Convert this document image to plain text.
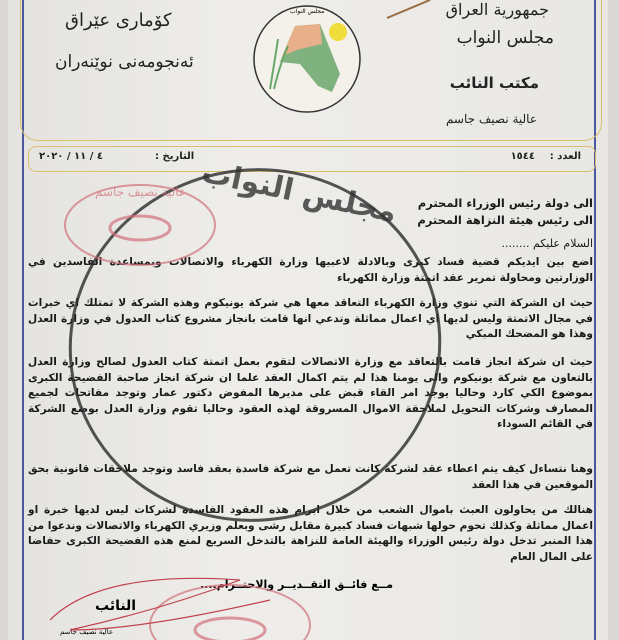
جمهورية العراق
مجلس النواب
مكتب النائب
عالية نصيف جاسم
کۆماری عێراق
ئەنجومەنی نوێنەران
مجلس النواب
العدد :
١٥٤٤
التاريخ :
٤ / ١١ / ٢٠٢٠

الى دولة رئيس الوزراء المحترم

الى رئيس هيئة النزاهة المحترم

السلام عليكم ........
اضع بين ايديكم قضية فساد كبرى وبالادلة لاعبيها وزارة الكهرباء والاتصالات وبمساعدة الفاسدين في الوزارتين ومحاولة تمرير عقد اتمتة وزارة الكهرباء
حيث ان الشركة التي تنوي وزارة الكهرباء التعاقد معها هي شركة يونيكوم وهذه الشركة لا تمتلك اي خبرات في مجال الاتمتة وليس لديها اي اعمال مماثلة وتدعي انها قامت بانجاز مشروع كتاب العدول في وزارة العدل وهذا هو المضحك المبكي
حيث ان شركة انجاز قامت بالتعاقد مع وزارة الاتصالات لتقوم بعمل اتمتة كتاب العدول لصالح وزارة العدل بالتعاون مع شركة يونيكوم والى يومنا هذا لم يتم اكمال العقد علما ان شركة انجاز صاحبة الفضيحة الكبرى بموضوع الكي كارد وحاليا يوجد امر القاء قبض على مديرها المفوض دكتور عمار وتوجد مفاتحات لجميع المصارف وشركات التحويل لملاحقة الاموال المسروقة لهذه العقود وحاليا تقوم وزارة العدل بوضع الشركة في القائم السوداء
وهنا نتساءل كيف يتم اعطاء عقد لشركة كانت تعمل مع شركة فاسدة بعقد فاسد وتوجد ملاحقات قانونية بحق الموقعين في هذا العقد
هنالك من يحاولون العبث باموال الشعب من خلال ابرام هذه العقود الفاسدة لشركات ليس لديها خبرة او اعمال مماثلة وكذلك تحوم حولها شبهات فساد كبيرة مقابل رشى وبعلم وزيري الكهرباء والاتصالات وندعوا من هذا المنبر تدخل دولة رئيس الوزراء والهيئة العامة للنزاهة بالتدخل السريع لمنع هذه الفضيحة الكبرى حفاضا على المال العام
مــع فائــق التقــديــر والاحتــرام....
النائب
عالية نصيف جاسم
مجلس النواب
عالية نصيف جاسم
